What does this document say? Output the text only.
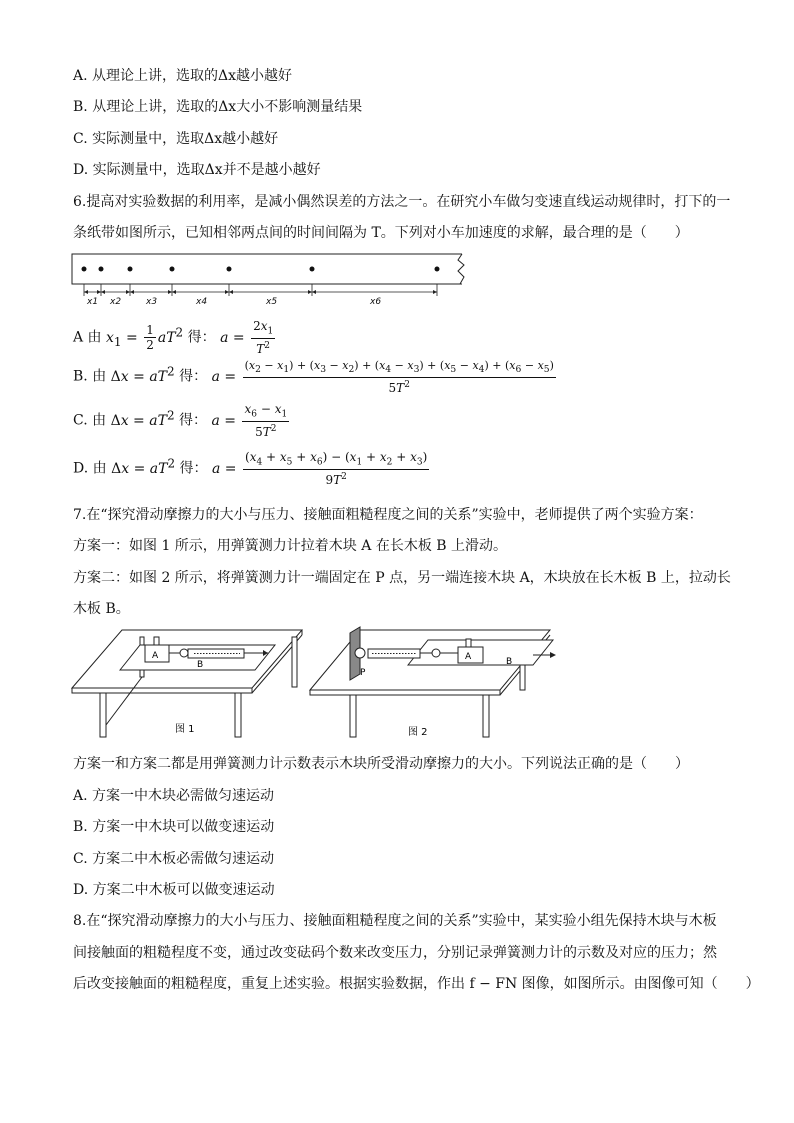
A. 从理论上讲，选取的Δx越小越好
B. 从理论上讲，选取的Δx大小不影响测量结果
C. 实际测量中，选取Δx越小越好
D. 实际测量中，选取Δx并不是越小越好
6.提高对实验数据的利用率，是减小偶然误差的方法之一。在研究小车做匀变速直线运动规律时，打下的一
条纸带如图所示，已知相邻两点间的时间间隔为 T。下列对小车加速度的求解，最合理的是（　　）
x1 x2	x3	x4	x5	x6
A 由 $x_1 = \frac{1}{2} aT^2$ 得： $a = \frac{2x_1}{T^2}$
B. 由 $\Delta x = aT^2$ 得： $a = \frac{(x_2 - x_1) + (x_3 - x_2) + (x_4 - x_3) + (x_5 - x_4) + (x_6 - x_5)}{5T^2}$
C. 由 $\Delta x = aT^2$ 得： $a = \frac{x_6 - x_1}{5T^2}$
D. 由 $\Delta x = aT^2$ 得： $a = \frac{(x_4 + x_5 + x_6) - (x_1 + x_2 + x_3)}{9T^2}$
7.在“探究滑动摩擦力的大小与压力、接触面粗糙程度之间的关系”实验中，老师提供了两个实验方案：
方案一：如图 1 所示，用弹簧测力计拉着木块 A 在长木板 B 上滑动。
方案二：如图 2 所示，将弹簧测力计一端固定在 P 点，另一端连接木块 A，木块放在长木板 B 上，拉动长
木板 B。
A
B
图 1
P
A	B
图 2
方案一和方案二都是用弹簧测力计示数表示木块所受滑动摩擦力的大小。下列说法正确的是（　　）
A. 方案一中木块必需做匀速运动
B. 方案一中木块可以做变速运动
C. 方案二中木板必需做匀速运动
D. 方案二中木板可以做变速运动
8.在“探究滑动摩擦力的大小与压力、接触面粗糙程度之间的关系”实验中，某实验小组先保持木块与木板
间接触面的粗糙程度不变，通过改变砝码个数来改变压力，分别记录弹簧测力计的示数及对应的压力；然
后改变接触面的粗糙程度，重复上述实验。根据实验数据，作出 f − FN 图像，如图所示。由图像可知（　　）
